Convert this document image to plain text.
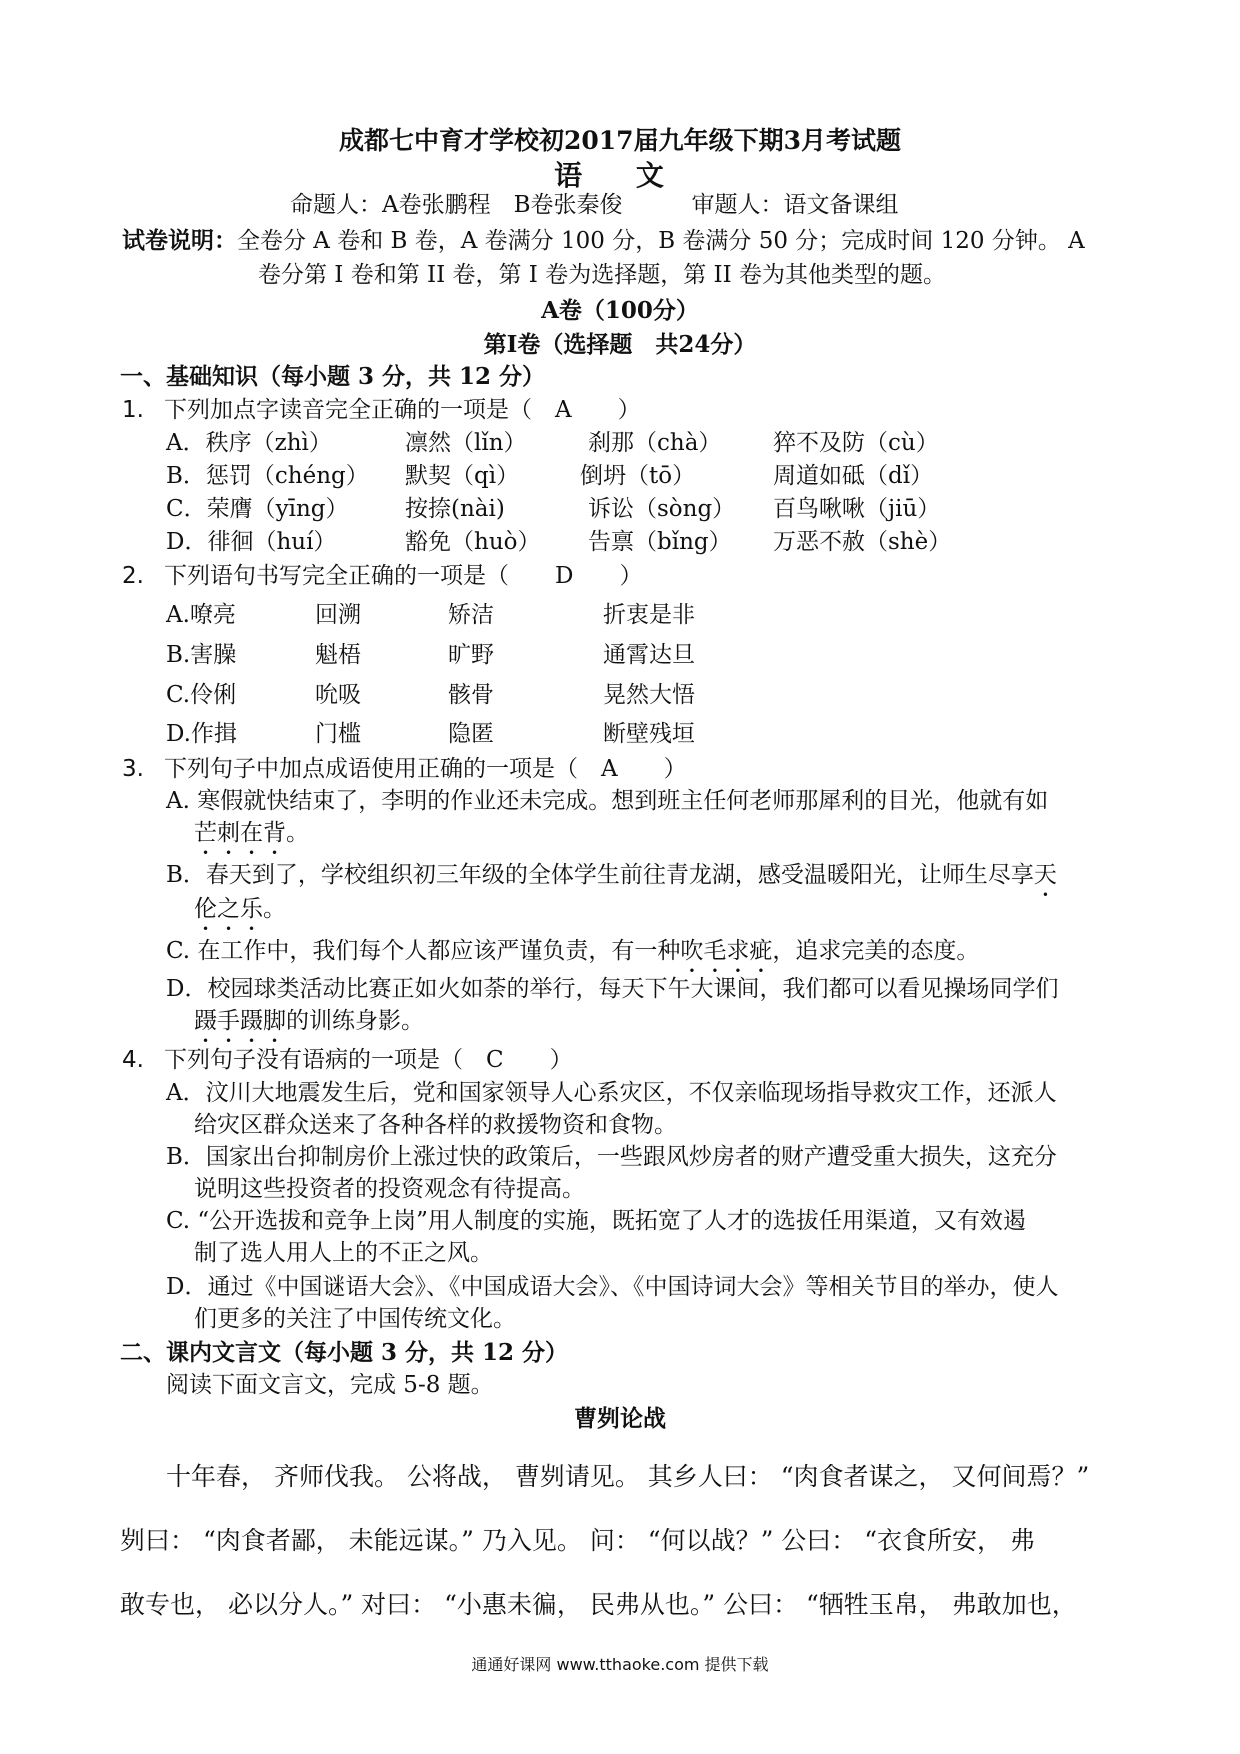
成都七中育才学校初2017届九年级下期3月考试题
语 文
命题人：A卷张鹏程　B卷张秦俊　　　审题人：语文备课组
试卷说明：全卷分 A 卷和 B 卷，A 卷满分 100 分，B 卷满分 50 分；完成时间 120 分钟。 A
卷分第 I 卷和第 II 卷，第 I 卷为选择题，第 II 卷为其他类型的题。
A卷（100分）
第Ⅰ卷（选择题　共24分）
一、基础知识（每小题 3 分，共 12 分）
1. 下列加点字读音完全正确的一项是（　A　　）
A．秩序（zhì）	凛然（lǐn）	刹那（chà） 猝不及防（cù）
B．惩罚（chéng） 默契（qì）	倒坍（tō）	周道如砥（dǐ）
C．荣膺（yīng） 按捺(nài)	诉讼（sòng） 百鸟啾啾（jiū）
D．徘徊（huí）	豁免（huò） 告禀（bǐng） 万恶不赦（shè）
2. 下列语句书写完全正确的一项是（　　D　　）
A.嘹亮	回溯	矫洁	折衷是非
B.害臊	魁梧	旷野	通霄达旦
C.伶俐	吮吸	骸骨	晃然大悟
D.作揖	门槛	隐匿	断壁残垣
3. 下列句子中加点成语使用正确的一项是（　A　　）
A. 寒假就快结束了，李明的作业还未完成。想到班主任何老师那犀利的目光，他就有如
芒刺在背。
B．春天到了，学校组织初三年级的全体学生前往青龙湖，感受温暖阳光，让师生尽享天
伦之乐。
C. 在工作中，我们每个人都应该严谨负责，有一种吹毛求疵，追求完美的态度。
D．校园球类活动比赛正如火如荼的举行，每天下午大课间，我们都可以看见操场同学们
蹑手蹑脚的训练身影。
4. 下列句子没有语病的一项是（　C　　）
A．汶川大地震发生后，党和国家领导人心系灾区，不仅亲临现场指导救灾工作，还派人
给灾区群众送来了各种各样的救援物资和食物。
B．国家出台抑制房价上涨过快的政策后，一些跟风炒房者的财产遭受重大损失，这充分
说明这些投资者的投资观念有待提高。
C. “公开选拔和竞争上岗”用人制度的实施，既拓宽了人才的选拔任用渠道，又有效遏
制了选人用人上的不正之风。
D．通过《中国谜语大会》、《中国成语大会》、《中国诗词大会》等相关节目的举办，使人
们更多的关注了中国传统文化。
二、课内文言文（每小题 3 分，共 12 分）
阅读下面文言文，完成 5-8 题。
曹刿论战
十年春， 齐师伐我。 公将战， 曹刿请见。 其乡人曰： “肉食者谋之， 又何间焉？”
刿曰： “肉食者鄙， 未能远谋。” 乃入见。 问： “何以战？” 公曰： “衣食所安， 弗
敢专也， 必以分人。” 对曰： “小惠未徧， 民弗从也。” 公曰： “牺牲玉帛， 弗敢加也，
通通好课网 www.tthaoke.com 提供下载
